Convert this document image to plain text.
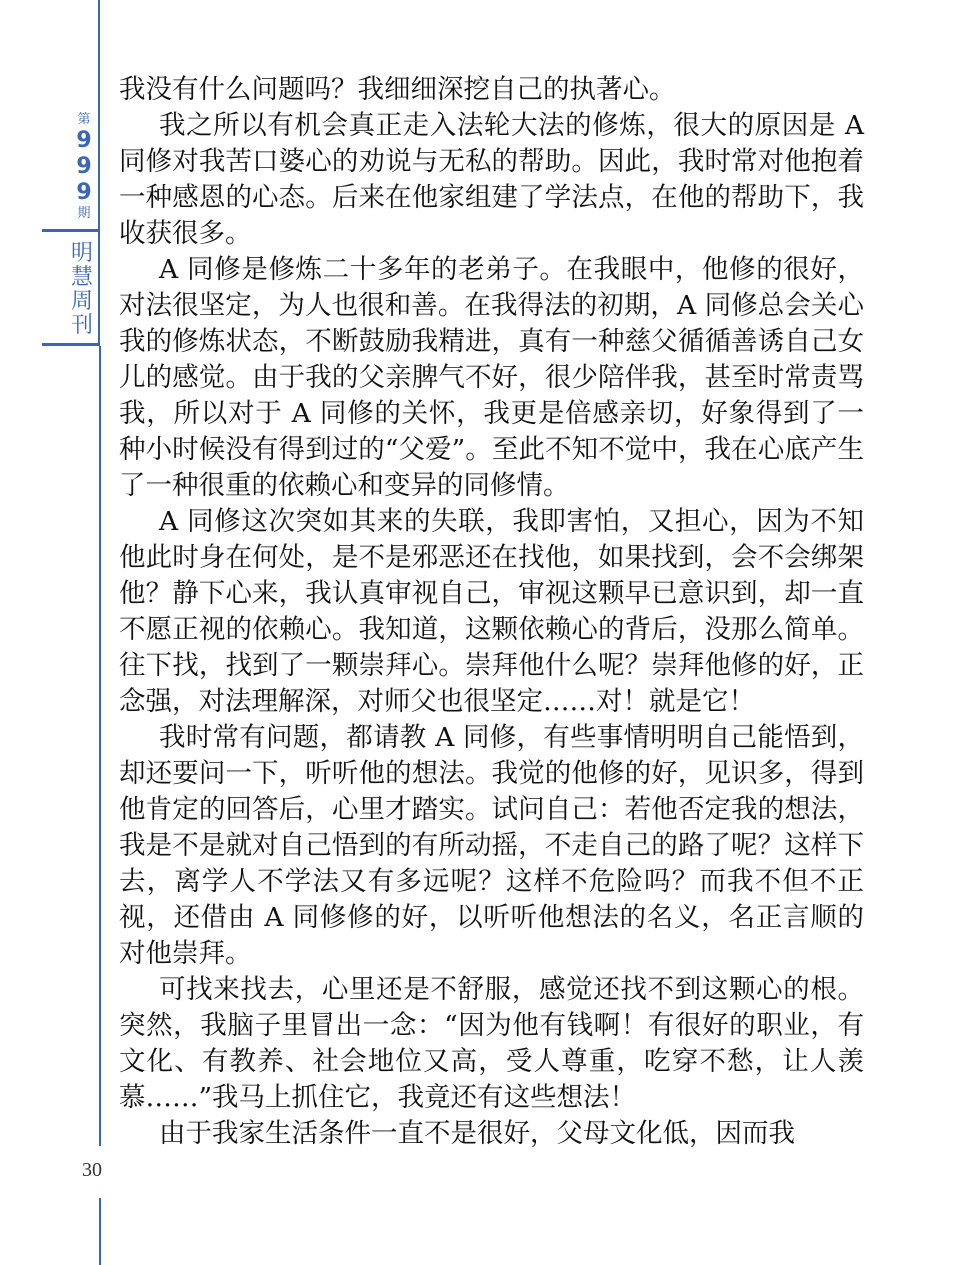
第
9
9
9
期
明
慧
周
刊
30

我没有什么问题吗？我细细深挖自己的执著心。

我之所以有机会真正走入法轮大法的修炼，很大的原因是 A 同修对我苦口婆心的劝说与无私的帮助。因此，我时常对他抱着一种感恩的心态。后来在他家组建了学法点，在他的帮助下，我收获很多。

A 同修是修炼二十多年的老弟子。在我眼中，他修的很好，对法很坚定，为人也很和善。在我得法的初期，A 同修总会关心我的修炼状态，不断鼓励我精进，真有一种慈父循循善诱自己女儿的感觉。由于我的父亲脾气不好，很少陪伴我，甚至时常责骂我，所以对于 A 同修的关怀，我更是倍感亲切，好象得到了一种小时候没有得到过的“父爱”。至此不知不觉中，我在心底产生了一种很重的依赖心和变异的同修情。

A 同修这次突如其来的失联，我即害怕，又担心，因为不知他此时身在何处，是不是邪恶还在找他，如果找到，会不会绑架他？静下心来，我认真审视自己，审视这颗早已意识到，却一直不愿正视的依赖心。我知道，这颗依赖心的背后，没那么简单。往下找，找到了一颗崇拜心。崇拜他什么呢？崇拜他修的好，正念强，对法理解深，对师父也很坚定……对！就是它！

我时常有问题，都请教 A 同修，有些事情明明自己能悟到，却还要问一下，听听他的想法。我觉的他修的好，见识多，得到他肯定的回答后，心里才踏实。试问自己：若他否定我的想法，我是不是就对自己悟到的有所动摇，不走自己的路了呢？这样下去，离学人不学法又有多远呢？这样不危险吗？而我不但不正视，还借由 A 同修修的好，以听听他想法的名义，名正言顺的对他崇拜。

可找来找去，心里还是不舒服，感觉还找不到这颗心的根。突然，我脑子里冒出一念：“因为他有钱啊！有很好的职业，有文化、有教养、社会地位又高，受人尊重，吃穿不愁，让人羡慕……”我马上抓住它，我竟还有这些想法！

由于我家生活条件一直不是很好，父母文化低，因而我
